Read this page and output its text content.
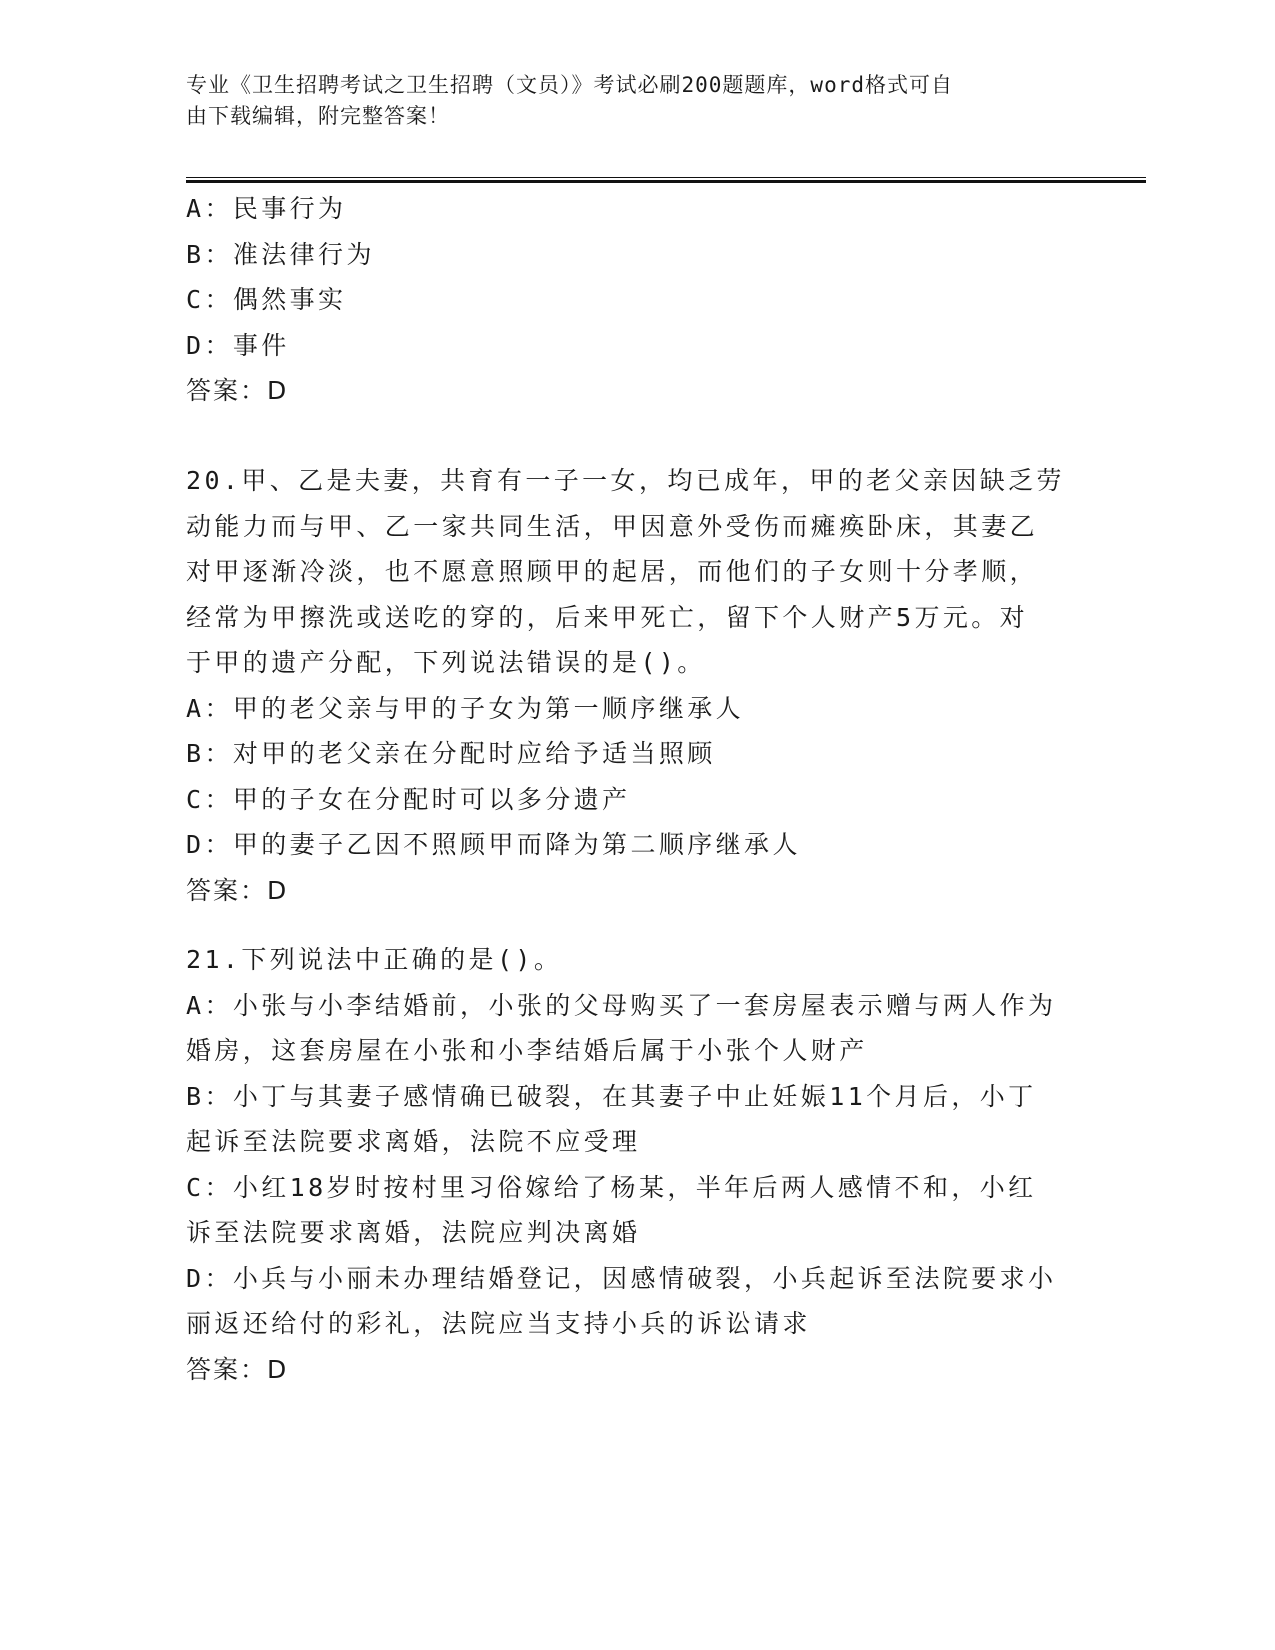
专业《卫生招聘考试之卫生招聘（文员）》考试必刷200题题库，word格式可自
由下载编辑，附完整答案！
A：民事行为
B：准法律行为
C：偶然事实
D：事件
答案：D
20.甲、乙是夫妻，共育有一子一女，均已成年，甲的老父亲因缺乏劳
动能力而与甲、乙一家共同生活，甲因意外受伤而瘫痪卧床，其妻乙
对甲逐渐冷淡，也不愿意照顾甲的起居，而他们的子女则十分孝顺，
经常为甲擦洗或送吃的穿的，后来甲死亡，留下个人财产5万元。对
于甲的遗产分配，下列说法错误的是()。
A：甲的老父亲与甲的子女为第一顺序继承人
B：对甲的老父亲在分配时应给予适当照顾
C：甲的子女在分配时可以多分遗产
D：甲的妻子乙因不照顾甲而降为第二顺序继承人
答案：D
21.下列说法中正确的是()。
A：小张与小李结婚前，小张的父母购买了一套房屋表示赠与两人作为
婚房，这套房屋在小张和小李结婚后属于小张个人财产
B：小丁与其妻子感情确已破裂，在其妻子中止妊娠11个月后，小丁
起诉至法院要求离婚，法院不应受理
C：小红18岁时按村里习俗嫁给了杨某，半年后两人感情不和，小红
诉至法院要求离婚，法院应判决离婚
D：小兵与小丽未办理结婚登记，因感情破裂，小兵起诉至法院要求小
丽返还给付的彩礼，法院应当支持小兵的诉讼请求
答案：D
